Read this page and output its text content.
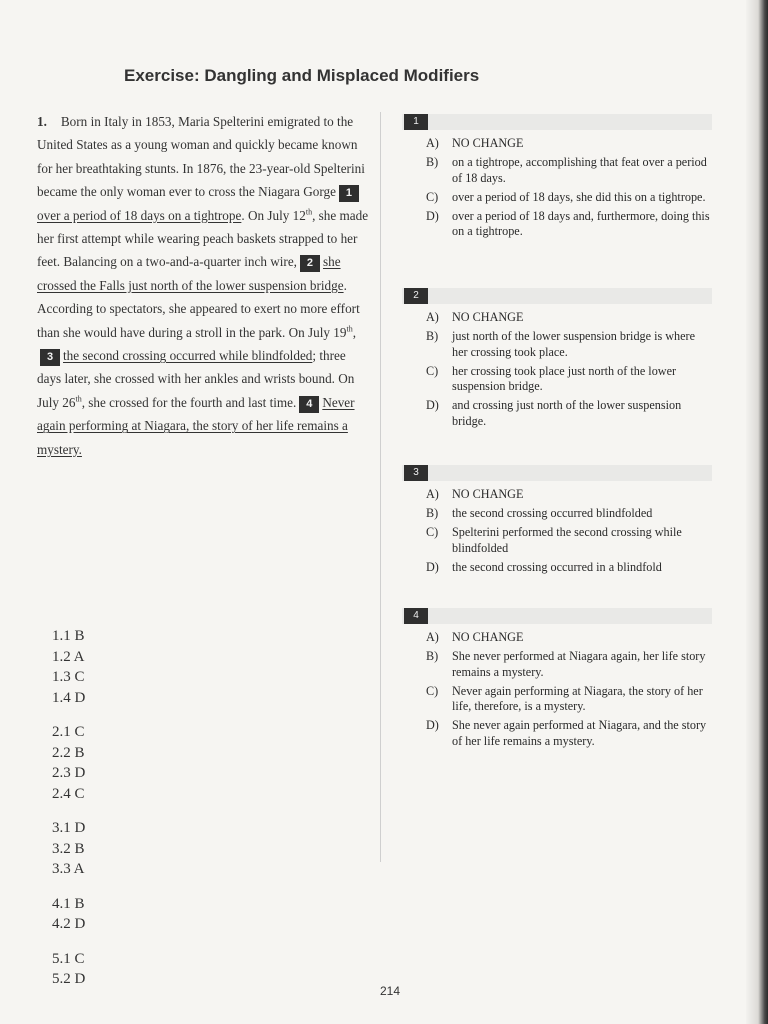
Exercise: Dangling and Misplaced Modifiers
1. Born in Italy in 1853, Maria Spelterini emigrated to the United States as a young woman and quickly became known for her breathtaking stunts. In 1876, the 23-year-old Spelterini became the only woman ever to cross the Niagara Gorge 1over a period of 18 days on a tightrope. On July 12th, she made her first attempt while wearing peach baskets strapped to her feet. Balancing on a two-and-a-quarter inch wire, 2 she crossed the Falls just north of the lower suspension bridge. According to spectators, she appeared to exert no more effort than she would have during a stroll in the park. On July 19th,
3 the second crossing occurred while blindfolded; three days later, she crossed with her ankles and wrists bound. On July 26th, she crossed for the fourth and last time. 4 Never again performing at Niagara, the story of her life remains a mystery.
1
A)	NO CHANGE
B)	on a tightrope, accomplishing that feat over a period of 18 days.
C)	over a period of 18 days, she did this on a tightrope.
D)	over a period of 18 days and, furthermore, doing this on a tightrope.
2
A)	NO CHANGE
B)	just north of the lower suspension bridge is where her crossing took place.
C)	her crossing took place just north of the lower suspension bridge.
D)	and crossing just north of the lower suspension bridge.
3
A)	NO CHANGE
B)	the second crossing occurred blindfolded
C)	Spelterini performed the second crossing while blindfolded
D)	the second crossing occurred in a blindfold
4
A)	NO CHANGE
B)	She never performed at Niagara again, her life story remains a mystery.
C)	Never again performing at Niagara, the story of her life, therefore, is a mystery.
D)	She never again performed at Niagara, and the story of her life remains a mystery.
1.1 B
1.2 A
1.3 C
1.4 D
2.1 C
2.2 B
2.3 D
2.4 C
3.1 D
3.2 B
3.3 A
4.1 B
4.2 D
5.1 C
5.2 D
214
